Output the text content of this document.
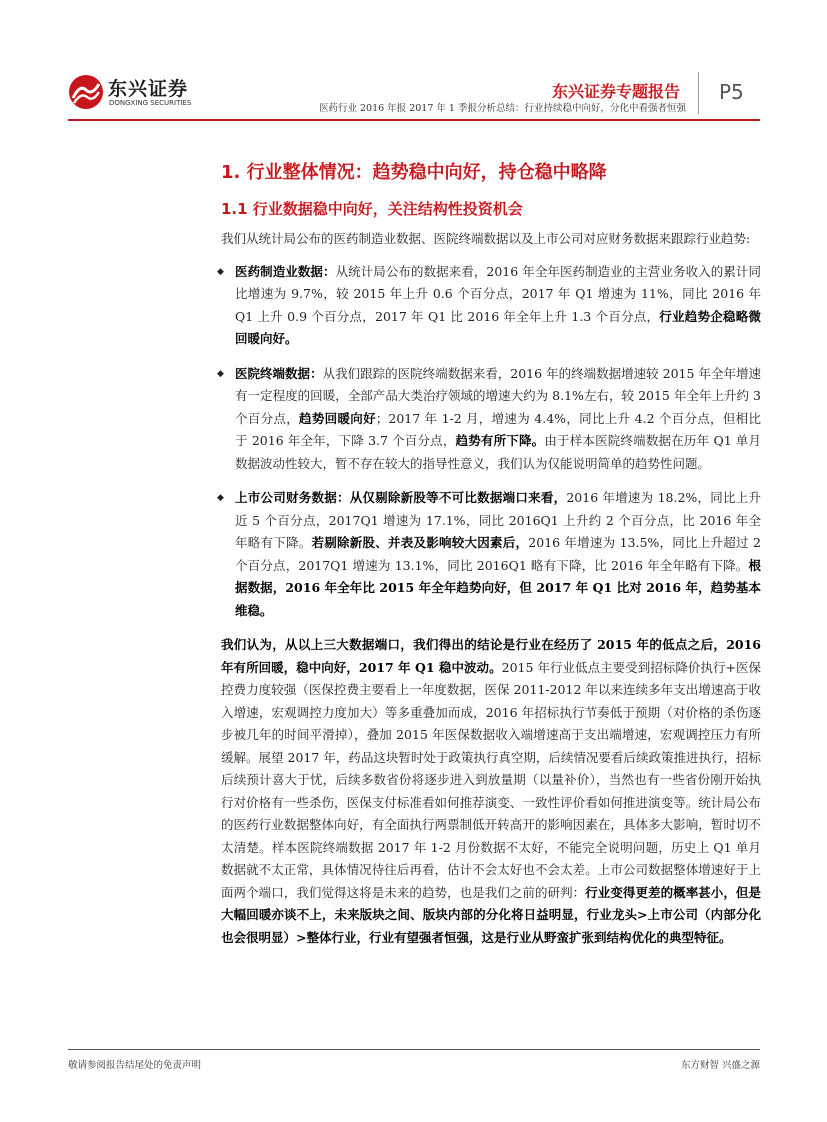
东兴证券
DONGXING SECURITIES
东兴证券专题报告
医药行业 2016 年报 2017 年 1 季报分析总结：行业持续稳中向好，分化中看强者恒强
P5
1. 行业整体情况：趋势稳中向好，持仓稳中略降
1.1 行业数据稳中向好，关注结构性投资机会

我们从统计局公布的医药制造业数据、医院终端数据以及上市公司对应财务数据来跟踪行业趋势:

◆ 医药制造业数据：从统计局公布的数据来看，2016 年全年医药制造业的主营业务收入的累计同比增速为 9.7%，较 2015 年上升 0.6 个百分点，2017 年 Q1 增速为 11%，同比 2016 年 Q1 上升 0.9 个百分点，2017 年 Q1 比 2016 年全年上升 1.3 个百分点，行业趋势企稳略微回暖向好。

◆ 医院终端数据：从我们跟踪的医院终端数据来看，2016 年的终端数据增速较 2015 年全年增速有一定程度的回暖，全部产品大类治疗领域的增速大约为 8.1%左右，较 2015 年全年上升约 3 个百分点，趋势回暖向好；2017 年 1-2 月，增速为 4.4%，同比上升 4.2 个百分点，但相比于 2016 年全年，下降 3.7 个百分点，趋势有所下降。由于样本医院终端数据在历年 Q1 单月数据波动性较大，暂不存在较大的指导性意义，我们认为仅能说明简单的趋势性问题。

◆ 上市公司财务数据：从仅剔除新股等不可比数据端口来看，2016 年增速为 18.2%，同比上升近 5 个百分点，2017Q1 增速为 17.1%，同比 2016Q1 上升约 2 个百分点，比 2016 年全年略有下降。若剔除新股、并表及影响较大因素后，2016 年增速为 13.5%，同比上升超过 2 个百分点，2017Q1 增速为 13.1%，同比 2016Q1 略有下降，比 2016 年全年略有下降。根据数据，2016 年全年比 2015 年全年趋势向好，但 2017 年 Q1 比对 2016 年，趋势基本维稳。

我们认为，从以上三大数据端口，我们得出的结论是行业在经历了 2015 年的低点之后，2016 年有所回暖，稳中向好，2017 年 Q1 稳中波动。2015 年行业低点主要受到招标降价执行+医保控费力度较强（医保控费主要看上一年度数据，医保 2011-2012 年以来连续多年支出增速高于收入增速，宏观调控力度加大）等多重叠加而成，2016 年招标执行节奏低于预期（对价格的杀伤逐步被几年的时间平滑掉），叠加 2015 年医保数据收入端增速高于支出端增速，宏观调控压力有所缓解。展望 2017 年，药品这块暂时处于政策执行真空期，后续情况要看后续政策推进执行，招标后续预计喜大于忧，后续多数省份将逐步进入到放量期（以量补价），当然也有一些省份刚开始执行对价格有一些杀伤，医保支付标准看如何推荐演变、一致性评价看如何推进演变等。统计局公布的医药行业数据整体向好，有全面执行两票制低开转高开的影响因素在，具体多大影响，暂时切不太清楚。样本医院终端数据 2017 年 1-2 月份数据不太好，不能完全说明问题，历史上 Q1 单月数据就不太正常，具体情况待往后再看，估计不会太好也不会太差。上市公司数据整体增速好于上面两个端口，我们觉得这将是未来的趋势，也是我们之前的研判：行业变得更差的概率甚小，但是大幅回暖亦谈不上，未来版块之间、版块内部的分化将日益明显，行业龙头>上市公司（内部分化也会很明显）>整体行业，行业有望强者恒强，这是行业从野蛮扩张到结构优化的典型特征。

敬请参阅报告结尾处的免责声明	东方财智 兴盛之源
